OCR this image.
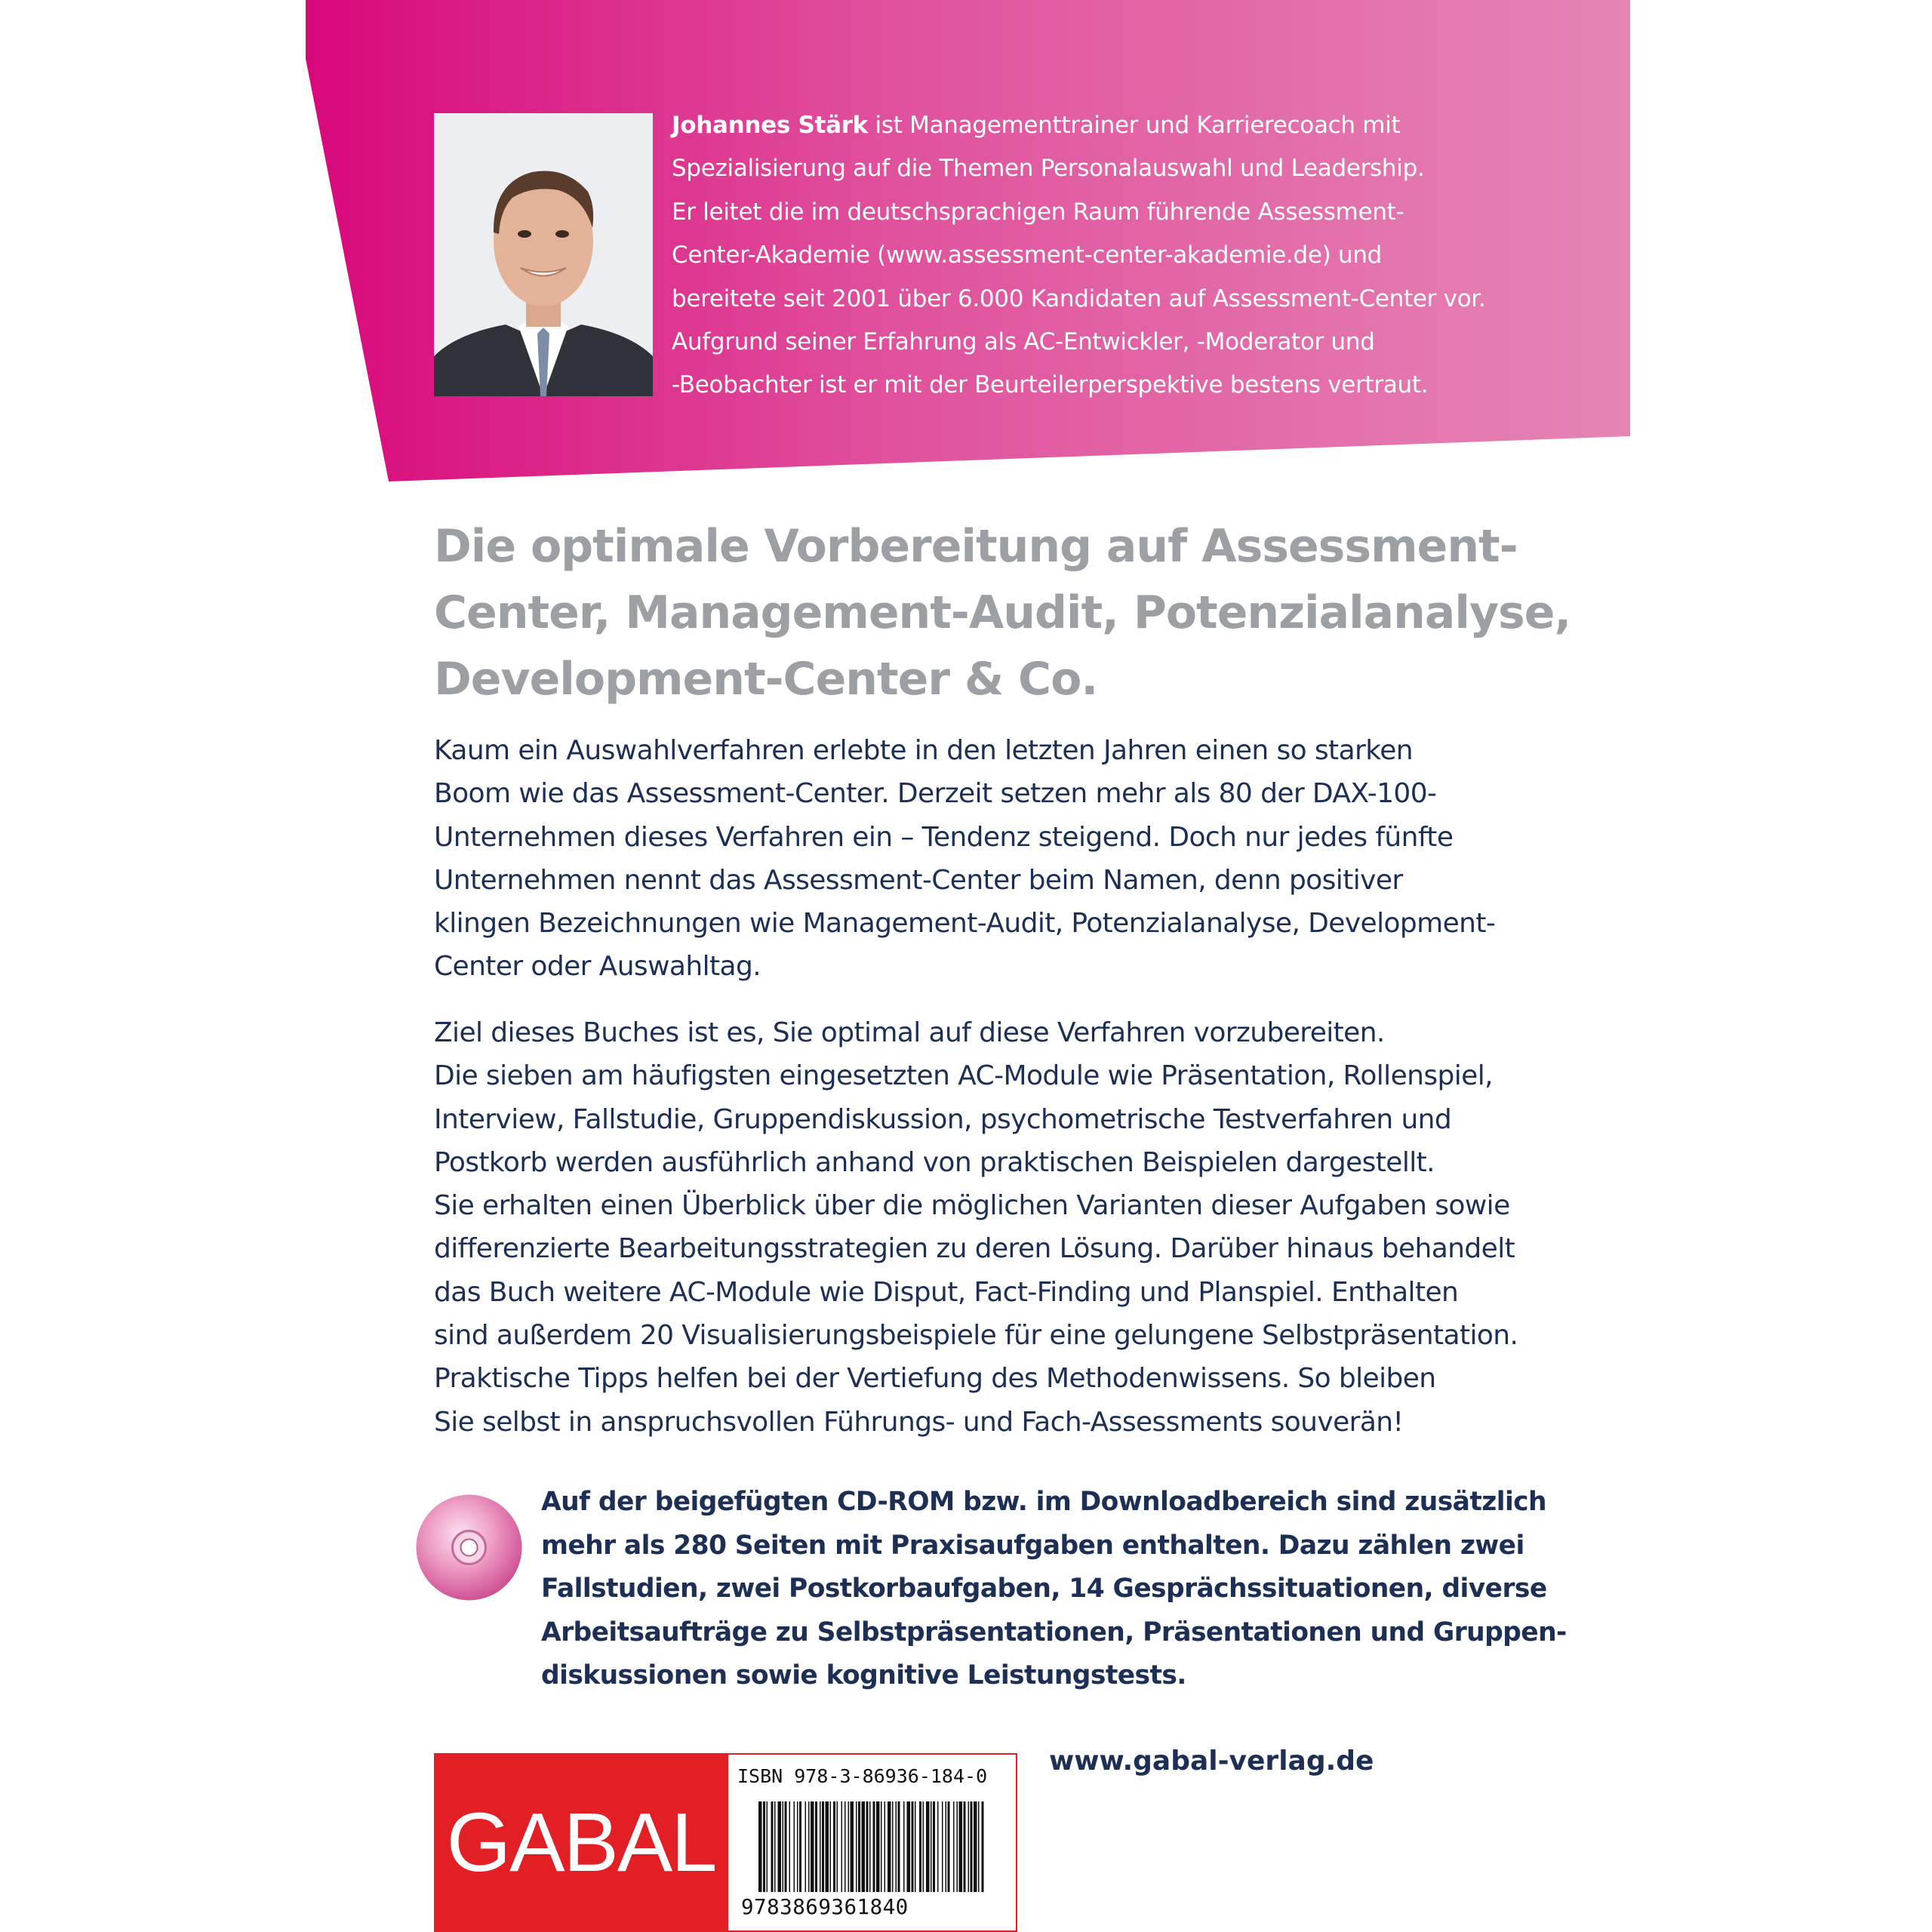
Johannes Stärk ist Managementtrainer und Karrierecoach mit
Spezialisierung auf die Themen Personalauswahl und Leadership.
Er leitet die im deutschsprachigen Raum führende Assessment-
Center-Akademie (www.assessment-center-akademie.de) und
bereitete seit 2001 über 6.000 Kandidaten auf Assessment-Center vor.
Aufgrund seiner Erfahrung als AC-Entwickler, -Moderator und
-Beobachter ist er mit der Beurteilerperspektive bestens vertraut.

Die optimale Vorbereitung auf Assessment-
Center, Management-Audit, Potenzialanalyse,
Development-Center & Co.

Kaum ein Auswahlverfahren erlebte in den letzten Jahren einen so starken
Boom wie das Assessment-Center. Derzeit setzen mehr als 80 der DAX-100-
Unternehmen dieses Verfahren ein – Tendenz steigend. Doch nur jedes fünfte
Unternehmen nennt das Assessment-Center beim Namen, denn positiver
klingen Bezeichnungen wie Management-Audit, Potenzialanalyse, Development-
Center oder Auswahltag.

Ziel dieses Buches ist es, Sie optimal auf diese Verfahren vorzubereiten.
Die sieben am häufigsten eingesetzten AC-Module wie Präsentation, Rollenspiel,
Interview, Fallstudie, Gruppendiskussion, psychometrische Testverfahren und
Postkorb werden ausführlich anhand von praktischen Beispielen dargestellt.
Sie erhalten einen Überblick über die möglichen Varianten dieser Aufgaben sowie
differenzierte Bearbeitungsstrategien zu deren Lösung. Darüber hinaus behandelt
das Buch weitere AC-Module wie Disput, Fact-Finding und Planspiel. Enthalten
sind außerdem 20 Visualisierungsbeispiele für eine gelungene Selbstpräsentation.
Praktische Tipps helfen bei der Vertiefung des Methodenwissens. So bleiben
Sie selbst in anspruchsvollen Führungs- und Fach-Assessments souverän!

Auf der beigefügten CD-ROM bzw. im Downloadbereich sind zusätzlich
mehr als 280 Seiten mit Praxisaufgaben enthalten. Dazu zählen zwei
Fallstudien, zwei Postkorbaufgaben, 14 Gesprächssituationen, diverse
Arbeitsaufträge zu Selbstpräsentationen, Präsentationen und Gruppen-
diskussionen sowie kognitive Leistungstests.

GABAL

ISBN 978-3-86936-184-0

9783869361840

www.gabal-verlag.de
